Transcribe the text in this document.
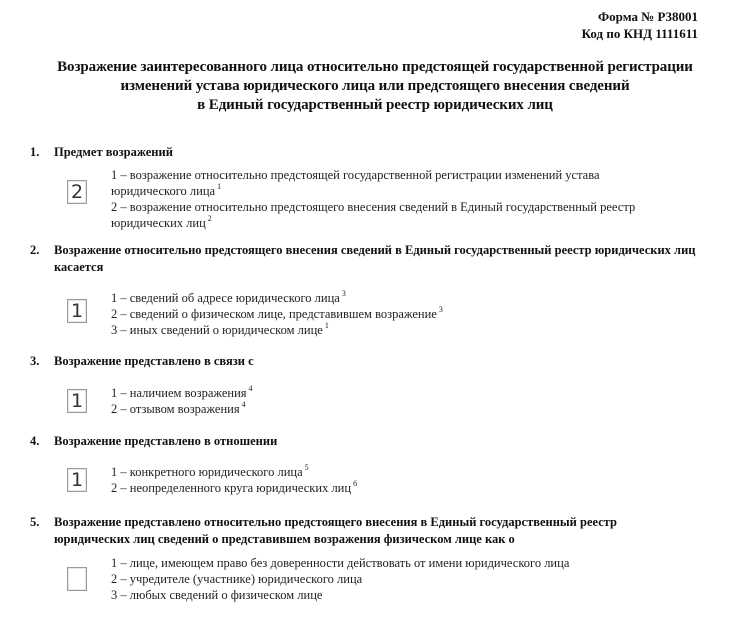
Форма № Р38001
Код по КНД 1111611
Возражение заинтересованного лица относительно предстоящей государственной регистрации
изменений устава юридического лица или предстоящего внесения сведений
в Единый государственный реестр юридических лиц
1. Предмет возражений
2
1 – возражение относительно предстоящей государственной регистрации изменений устава
юридического лица $^1$
2 – возражение относительно предстоящего внесения сведений в Единый государственный реестр
юридических лиц $^2$
2. Возражение относительно предстоящего внесения сведений в Единый государственный реестр юридических лиц
касается
1
1 – сведений об адресе юридического лица $^3$
2 – сведений о физическом лице, представившем возражение $^3$
3 – иных сведений о юридическом лице $^1$
3. Возражение представлено в связи с
1	1 – наличием возражения $^4$
2 – отзывом возражения $^4$
4. Возражение представлено в отношении
1	1 – конкретного юридического лица $^5$
2 – неопределенного круга юридических лиц $^6$
5. Возражение представлено относительно предстоящего внесения в Единый государственный реестр
юридических лиц сведений о представившем возражения физическом лице как о
1 – лице, имеющем право без доверенности действовать от имени юридического лица
2 – учредителе (участнике) юридического лица
3 – любых сведений о физическом лице
